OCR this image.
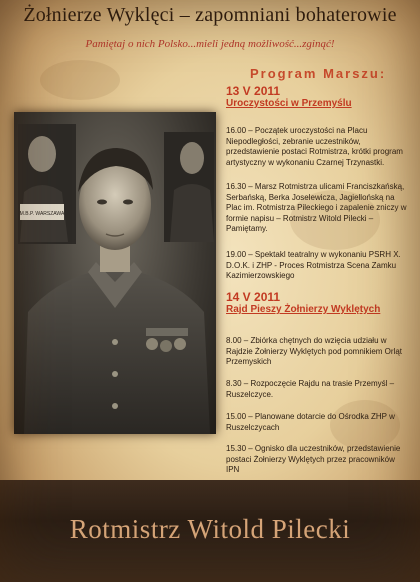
Żołnierze Wyklęci – zapomniani bohaterowie
Pamiętaj o nich Polsko...mieli jedną możliwość...zginąć!
Program Marszu:
13 V 2011
Uroczystości w Przemyślu
16.00 – Początek uroczystości na Placu Niepodległości, zebranie uczestników, przedstawienie postaci Rotmistrza, krótki program artystyczny w wykonaniu Czarnej Trzynastki.
16.30 – Marsz Rotmistrza ulicami Franciszkańską, Serbańską, Berka Joselewicza, Jagiellońską na Plac im. Rotmistrza Pileckiego i zapalenie zniczy w formie napisu – Rotmistrz Witold Pilecki – Pamiętamy.
19.00 – Spektakl teatralny w wykonaniu PSRH X. D.O.K. i ZHP - Proces Rotmistrza Scena Zamku Kazimierzowskiego
14 V 2011
Rajd Pieszy Żołnierzy Wyklętych
8.00 – Zbiórka chętnych do wzięcia udziału w Rajdzie Żołnierzy Wyklętych pod pomnikiem Orląt Przemyskich
8.30 – Rozpoczęcie Rajdu na trasie Przemyśl – Ruszelczyce.
15.00 – Planowane dotarcie do Ośrodka ZHP w Ruszelczycach
15.30 – Ognisko dla uczestników, przedstawienie postaci Żołnierzy Wyklętych przez pracowników IPN
M.B.P. WARSZAWA
Rotmistrz Witold Pilecki
